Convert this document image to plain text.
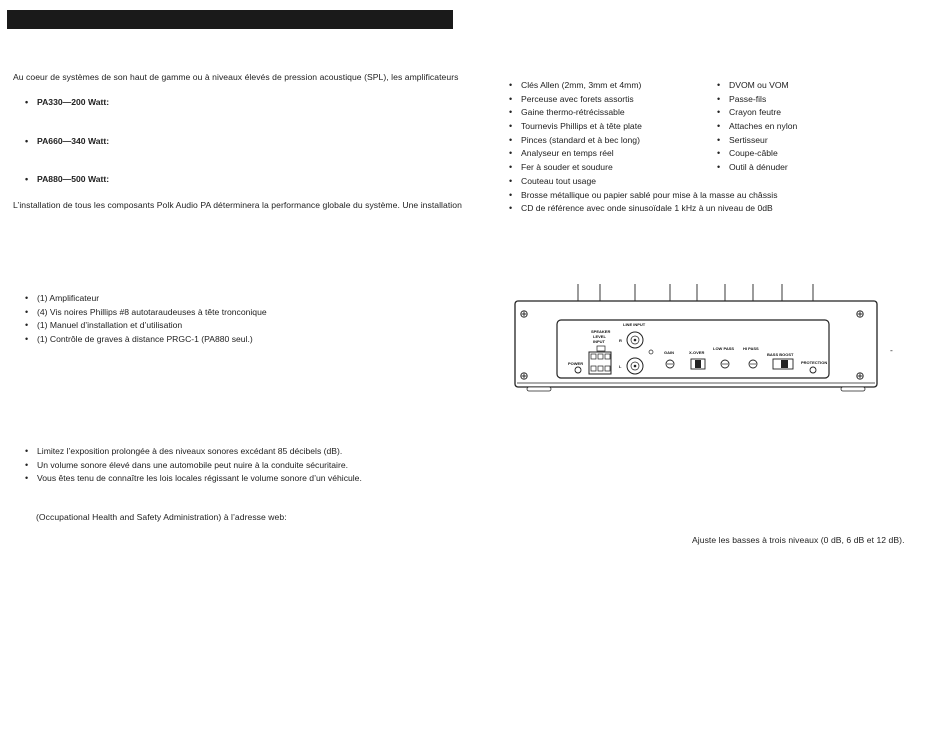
Au coeur de systèmes de son haut de gamme ou à niveaux élevés de pression acoustique (SPL), les amplificateurs
• PA330—200 Watt:
• PA660—340 Watt:
• PA880—500 Watt:
L’installation de tous les composants Polk Audio PA déterminera la performance globale du système. Une installation
• (1) Amplificateur
• (4) Vis noires Phillips #8 autotaraudeuses à tête tronconique
• (1) Manuel d’installation et d’utilisation
• (1) Contrôle de graves à distance PRGC-1 (PA880 seul.)
• Limitez l’exposition prolongée à des niveaux sonores excédant 85 décibels (dB).
• Un volume sonore élevé dans une automobile peut nuire à la conduite sécuritaire.
• Vous êtes tenu de connaître les lois locales régissant le volume sonore d’un véhicule.
(Occupational Health and Safety Administration) à l’adresse web:
• Clés Allen (2mm, 3mm et 4mm)
• Perceuse avec forets assortis
• Gaine thermo-rétrécissable
• Tournevis Phillips et à tête plate
• Pinces (standard et à bec long)
• Analyseur en temps réel
• Fer à souder et soudure
• Couteau tout usage
• Brosse métallique ou papier sablé pour mise à la masse au châssis
• CD de référence avec onde sinusoïdale 1 kHz à un niveau de 0dB
• DVOM ou VOM
• Passe-fils
• Crayon feutre
• Attaches en nylon
• Sertisseur
• Coupe-câble
• Outil à dénuder
POWER
SPEAKER
LEVEL
INPUT
LINE INPUT
R
L
GAIN	X-OVER
LOW PASS HI PASS
BASS BOOST
PROTECTION
-
Ajuste les basses à trois niveaux (0 dB, 6 dB et 12 dB).
